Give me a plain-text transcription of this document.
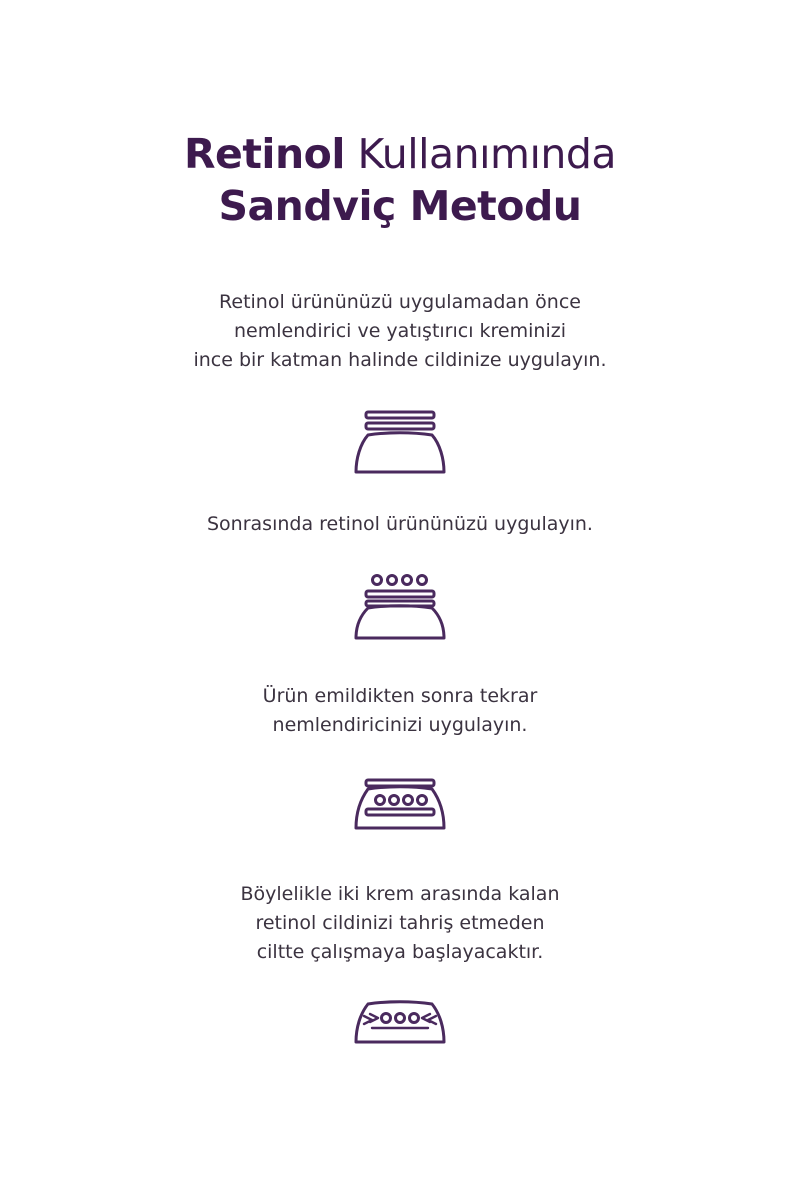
Retinol Kullanımında
Sandviç Metodu
Retinol ürününüzü uygulamadan önce
nemlendirici ve yatıştırıcı kreminizi
ince bir katman halinde cildinize uygulayın.
Sonrasında retinol ürününüzü uygulayın.
Ürün emildikten sonra tekrar
nemlendiricinizi uygulayın.
Böylelikle iki krem arasında kalan
retinol cildinizi tahriş etmeden
ciltte çalışmaya başlayacaktır.
